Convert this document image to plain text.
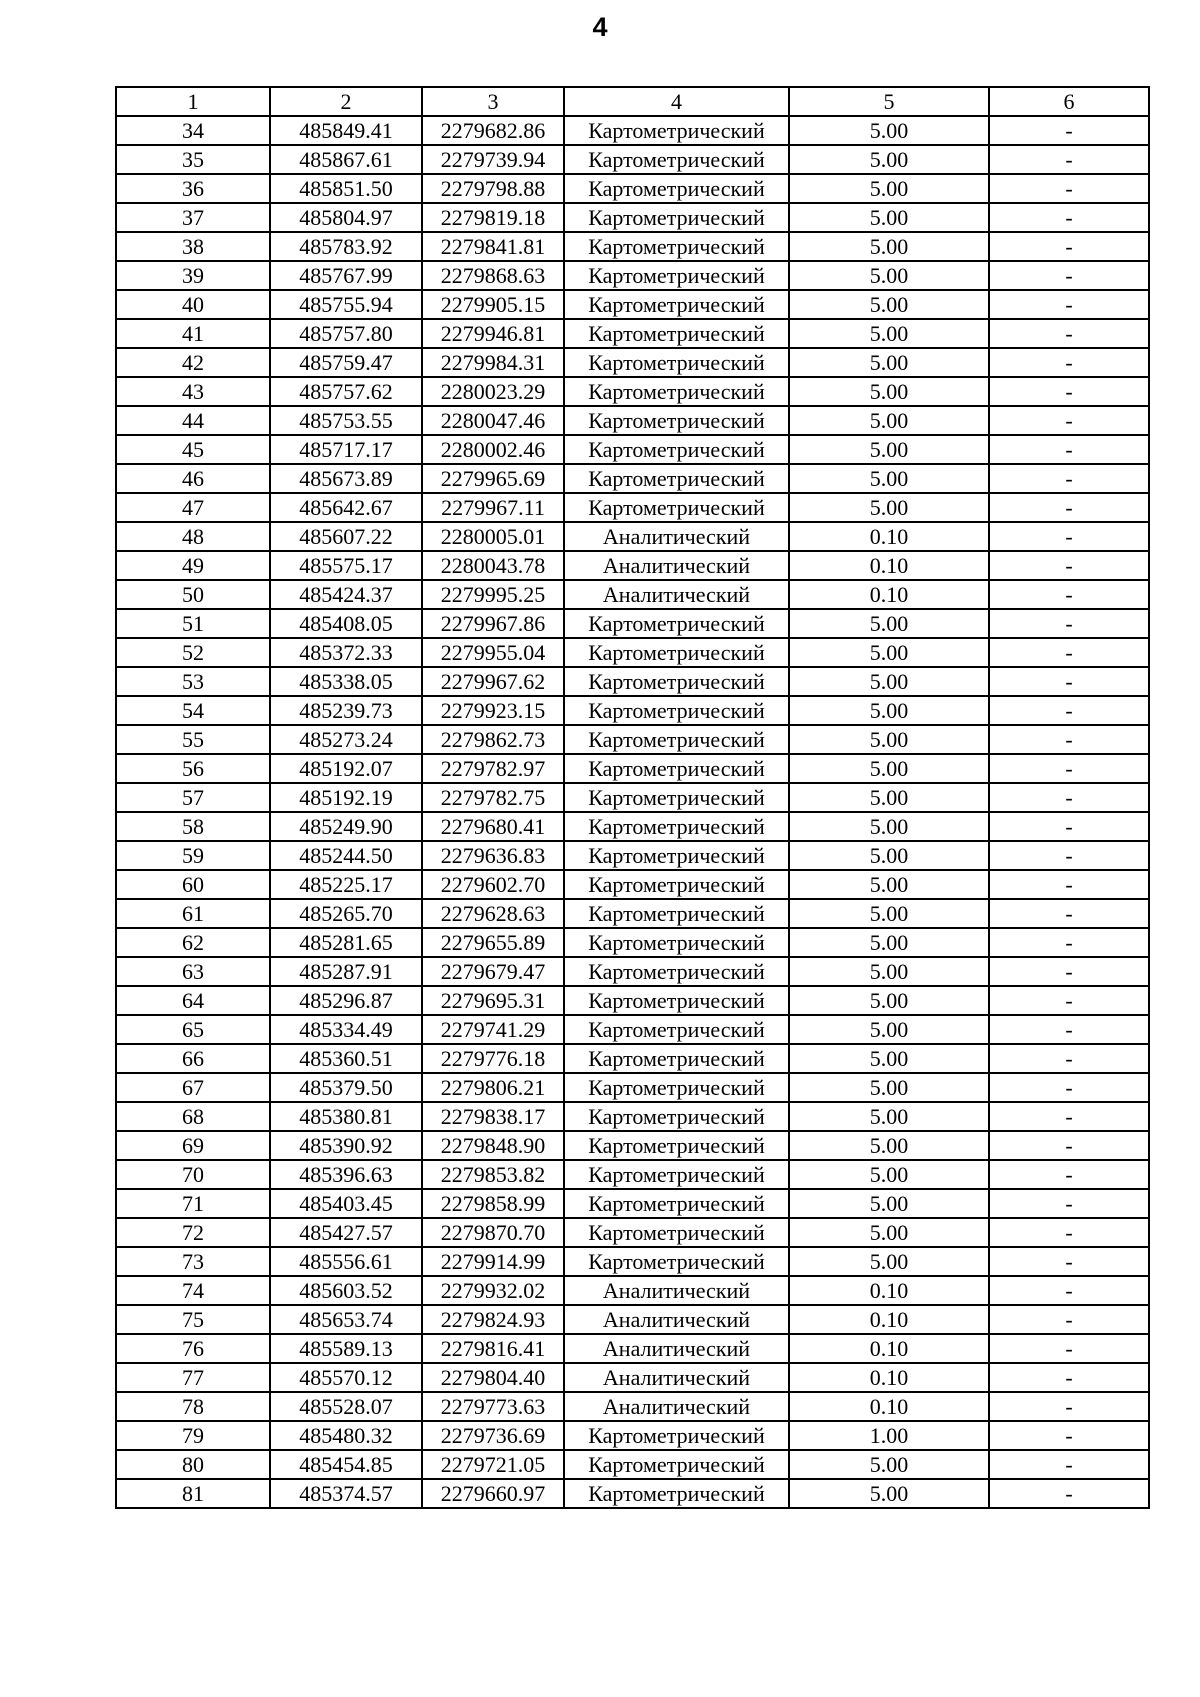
4
1	2	3	4	5	6
34	485849.41	2279682.86	Картометрический	5.00	-
35	485867.61	2279739.94	Картометрический	5.00	-
36	485851.50	2279798.88	Картометрический	5.00	-
37	485804.97	2279819.18	Картометрический	5.00	-
38	485783.92	2279841.81	Картометрический	5.00	-
39	485767.99	2279868.63	Картометрический	5.00	-
40	485755.94	2279905.15	Картометрический	5.00	-
41	485757.80	2279946.81	Картометрический	5.00	-
42	485759.47	2279984.31	Картометрический	5.00	-
43	485757.62	2280023.29	Картометрический	5.00	-
44	485753.55	2280047.46	Картометрический	5.00	-
45	485717.17	2280002.46	Картометрический	5.00	-
46	485673.89	2279965.69	Картометрический	5.00	-
47	485642.67	2279967.11	Картометрический	5.00	-
48	485607.22	2280005.01	Аналитический	0.10	-
49	485575.17	2280043.78	Аналитический	0.10	-
50	485424.37	2279995.25	Аналитический	0.10	-
51	485408.05	2279967.86	Картометрический	5.00	-
52	485372.33	2279955.04	Картометрический	5.00	-
53	485338.05	2279967.62	Картометрический	5.00	-
54	485239.73	2279923.15	Картометрический	5.00	-
55	485273.24	2279862.73	Картометрический	5.00	-
56	485192.07	2279782.97	Картометрический	5.00	-
57	485192.19	2279782.75	Картометрический	5.00	-
58	485249.90	2279680.41	Картометрический	5.00	-
59	485244.50	2279636.83	Картометрический	5.00	-
60	485225.17	2279602.70	Картометрический	5.00	-
61	485265.70	2279628.63	Картометрический	5.00	-
62	485281.65	2279655.89	Картометрический	5.00	-
63	485287.91	2279679.47	Картометрический	5.00	-
64	485296.87	2279695.31	Картометрический	5.00	-
65	485334.49	2279741.29	Картометрический	5.00	-
66	485360.51	2279776.18	Картометрический	5.00	-
67	485379.50	2279806.21	Картометрический	5.00	-
68	485380.81	2279838.17	Картометрический	5.00	-
69	485390.92	2279848.90	Картометрический	5.00	-
70	485396.63	2279853.82	Картометрический	5.00	-
71	485403.45	2279858.99	Картометрический	5.00	-
72	485427.57	2279870.70	Картометрический	5.00	-
73	485556.61	2279914.99	Картометрический	5.00	-
74	485603.52	2279932.02	Аналитический	0.10	-
75	485653.74	2279824.93	Аналитический	0.10	-
76	485589.13	2279816.41	Аналитический	0.10	-
77	485570.12	2279804.40	Аналитический	0.10	-
78	485528.07	2279773.63	Аналитический	0.10	-
79	485480.32	2279736.69	Картометрический	1.00	-
80	485454.85	2279721.05	Картометрический	5.00	-
81	485374.57	2279660.97	Картометрический	5.00	-
